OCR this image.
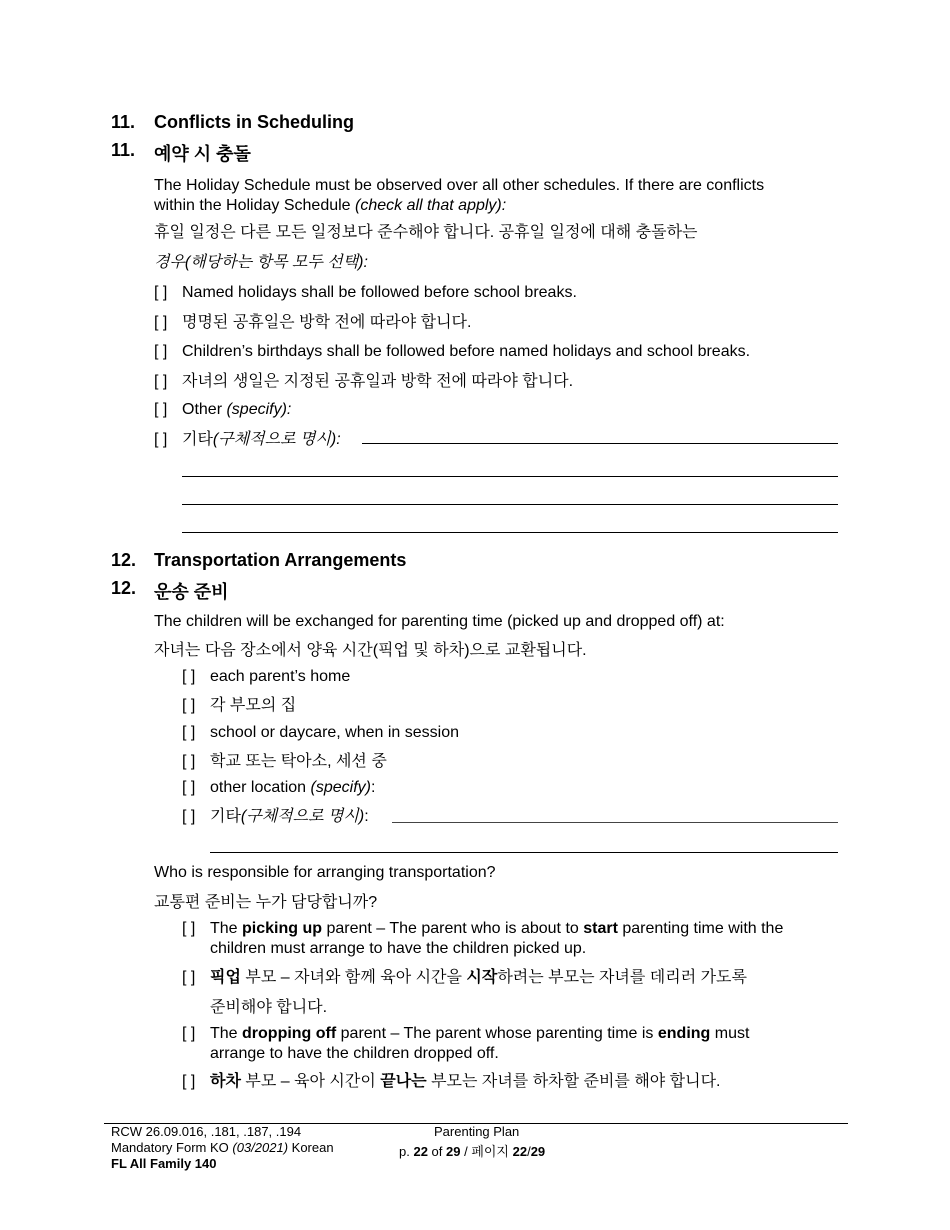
11. Conflicts in Scheduling
11. 예약 시 충돌
The Holiday Schedule must be observed over all other schedules. If there are conflicts
within the Holiday Schedule (check all that apply):
휴일 일정은 다른 모든 일정보다 준수해야 합니다. 공휴일 일정에 대해 충돌하는
경우(해당하는 항목 모두 선택):
[ ] Named holidays shall be followed before school breaks.
[ ] 명명된 공휴일은 방학 전에 따라야 합니다.
[ ] Children’s birthdays shall be followed before named holidays and school breaks.
[ ] 자녀의 생일은 지정된 공휴일과 방학 전에 따라야 합니다.
[ ] Other (specify):
[ ] 기타(구체적으로 명시):
12. Transportation Arrangements
12. 운송 준비
The children will be exchanged for parenting time (picked up and dropped off) at:
자녀는 다음 장소에서 양육 시간(픽업 및 하차)으로 교환됩니다.
[ ] each parent’s home
[ ] 각 부모의 집
[ ] school or daycare, when in session
[ ] 학교 또는 탁아소, 세션 중
[ ] other location (specify):
[ ] 기타(구체적으로 명시):
Who is responsible for arranging transportation?
교통편 준비는 누가 담당합니까?
[ ] The picking up parent – The parent who is about to start parenting time with the
children must arrange to have the children picked up.
[ ] 픽업 부모 – 자녀와 함께 육아 시간을 시작하려는 부모는 자녀를 데리러 가도록
준비해야 합니다.
[ ] The dropping off parent – The parent whose parenting time is ending must
arrange to have the children dropped off.
[ ] 하차 부모 – 육아 시간이 끝나는 부모는 자녀를 하차할 준비를 해야 합니다.
RCW 26.09.016, .181, .187, .194
Mandatory Form KO (03/2021) Korean
FL All Family 140
Parenting Plan
p. 22 of 29 / 페이지 22/29
